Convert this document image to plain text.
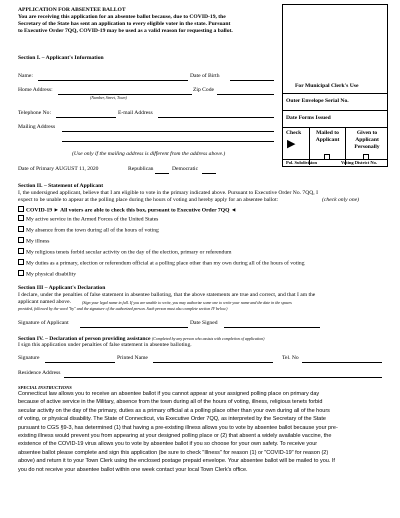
APPLICATION FOR ABSENTEE BALLOT
You are receiving this application for an absentee ballot because, due to COVID-19, the
Secretary of the State has sent an application to every eligible voter in the state. Pursuant
to Executive Order 7QQ, COVID-19 may be used as a valid reason for requesting a ballot.
Section I. – Applicant's Information
Name:	Date of Birth
Home Address:
(Number, Street, Town)
Zip Code
Telephone No:	E-mail Address
Mailing Address
(Use only if the mailing address is different from the address above.)
Date of Primary AUGUST 11, 2020	Republican	Democratic
For Municipal Clerk's Use
Outer Envelope Serial No.
Date Forms Issued
Check
▶
Mailed to Applicant
Given to Applicant Personally
Pol. Subdivision	Voting District No.
Section II. – Statement of Applicant
I, the undersigned applicant, believe that I am eligible to vote in the primary indicated above. Pursuant to Executive Order No. 7QQ, I
expect to be unable to appear at the polling place during the hours of voting and hereby apply for an absentee ballot:	(check only one)
COVID-19 ► All voters are able to check this box, pursuant to Executive Order 7QQ ◄
My active service in the Armed Forces of the United States
My absence from the town during all of the hours of voting
My illness
My religious tenets forbid secular activity on the day of the election, primary or referendum
My duties as a primary, election or referendum official at a polling place other than my own during all of the hours of voting
My physical disability
Section III – Applicant's Declaration
I declare, under the penalties of false statement in absentee balloting, that the above statements are true and correct, and that I am the
applicant named above.	(Sign your legal name in full. If you are unable to write, you may authorize some one to write your name and the date in the spaces
provided, followed by the word "by" and the signature of the authorized person. Such person must also complete section IV below.)
Signature of Applicant	Date Signed
Section IV. – Declaration of person providing assistance (Completed by any person who assists with completion of application)
I sign this application under penalties of false statement in absentee balloting.
Signature	Printed Name	Tel. No
Residence Address
SPECIAL INSTRUCTIONS
Connecticut law allows you to receive an absentee ballot if you cannot appear at your assigned polling place on primary day
because of active service in the Military, absence from the town during all of the hours of voting, illness, religious tenets forbid
secular activity on the day of the primary, duties as a primary official at a polling place other than your own during all of the hours
of voting, or physical disability. The State of Connecticut, via Executive Order 7QQ, as interpreted by the Secretary of the State
pursuant to CGS §9-3, has determined (1) that having a pre-existing illness allows you to vote by absentee ballot because your pre-
existing illness would prevent you from appearing at your designed polling place or (2) that absent a widely available vaccine, the
existence of the COVID-19 virus allows you to vote by absentee ballot if you so choose for your own safety. To receive your
absentee ballot please complete and sign this application (be sure to check "Illness" for reason (1) or "COVID-19" for reason (2)
above) and return it to your Town Clerk using the enclosed postage prepaid envelope. Your absentee ballot will be mailed to you. If
you do not receive your absentee ballot within one week contact your local Town Clerk's office.
